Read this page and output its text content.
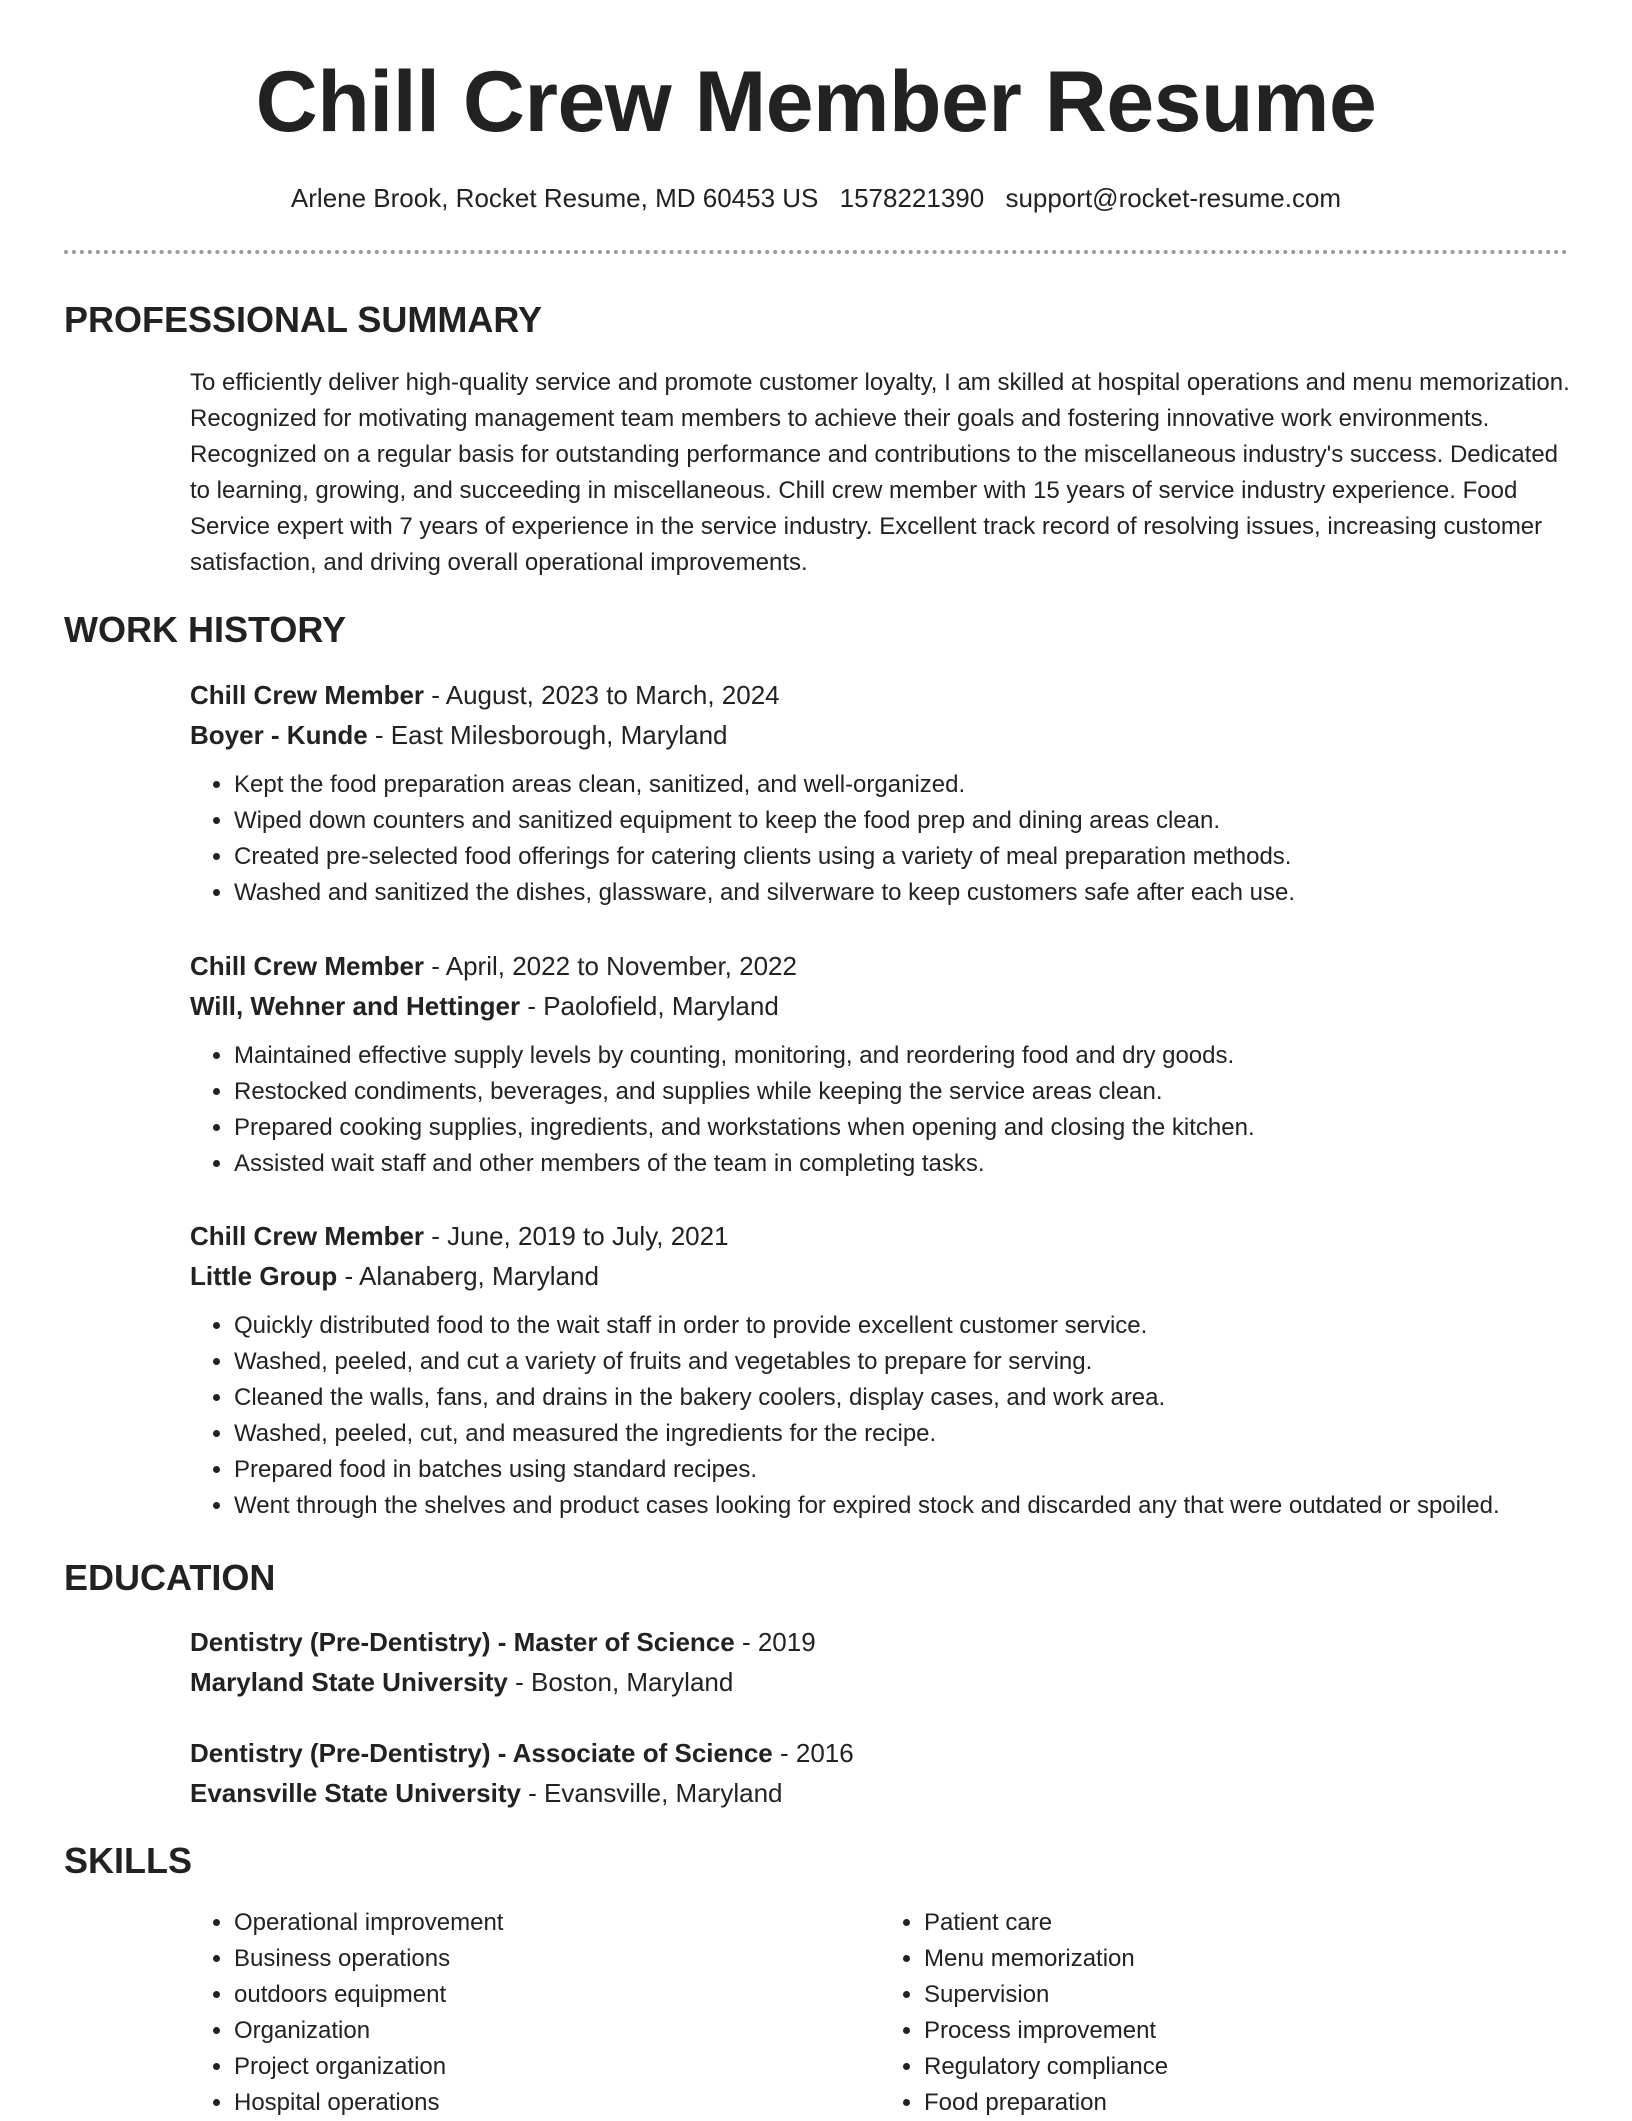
Chill Crew Member Resume
Arlene Brook, Rocket Resume, MD 60453 US 1578221390 support@rocket-resume.com
PROFESSIONAL SUMMARY

To efficiently deliver high-quality service and promote customer loyalty, I am skilled at hospital operations and menu memorization. Recognized for motivating management team members to achieve their goals and fostering innovative work environments. Recognized on a regular basis for outstanding performance and contributions to the miscellaneous industry's success. Dedicated to learning, growing, and succeeding in miscellaneous. Chill crew member with 15 years of service industry experience. Food Service expert with 7 years of experience in the service industry. Excellent track record of resolving issues, increasing customer satisfaction, and driving overall operational improvements.

WORK HISTORY

Chill Crew Member - August, 2023 to March, 2024

Boyer - Kunde - East Milesborough, Maryland

• Kept the food preparation areas clean, sanitized, and well-organized.
• Wiped down counters and sanitized equipment to keep the food prep and dining areas clean.
• Created pre-selected food offerings for catering clients using a variety of meal preparation methods.
• Washed and sanitized the dishes, glassware, and silverware to keep customers safe after each use.

Chill Crew Member - April, 2022 to November, 2022

Will, Wehner and Hettinger - Paolofield, Maryland

• Maintained effective supply levels by counting, monitoring, and reordering food and dry goods.
• Restocked condiments, beverages, and supplies while keeping the service areas clean.
• Prepared cooking supplies, ingredients, and workstations when opening and closing the kitchen.
• Assisted wait staff and other members of the team in completing tasks.

Chill Crew Member - June, 2019 to July, 2021

Little Group - Alanaberg, Maryland

• Quickly distributed food to the wait staff in order to provide excellent customer service.
• Washed, peeled, and cut a variety of fruits and vegetables to prepare for serving.
• Cleaned the walls, fans, and drains in the bakery coolers, display cases, and work area.
• Washed, peeled, cut, and measured the ingredients for the recipe.
• Prepared food in batches using standard recipes.
• Went through the shelves and product cases looking for expired stock and discarded any that were outdated or spoiled.
EDUCATION

Dentistry (Pre-Dentistry) - Master of Science - 2019

Maryland State University - Boston, Maryland

Dentistry (Pre-Dentistry) - Associate of Science - 2016

Evansville State University - Evansville, Maryland

SKILLS
• Operational improvement
• Business operations
• outdoors equipment
• Organization
• Project organization
• Hospital operations
• Patient care
• Menu memorization
• Supervision
• Process improvement
• Regulatory compliance
• Food preparation
